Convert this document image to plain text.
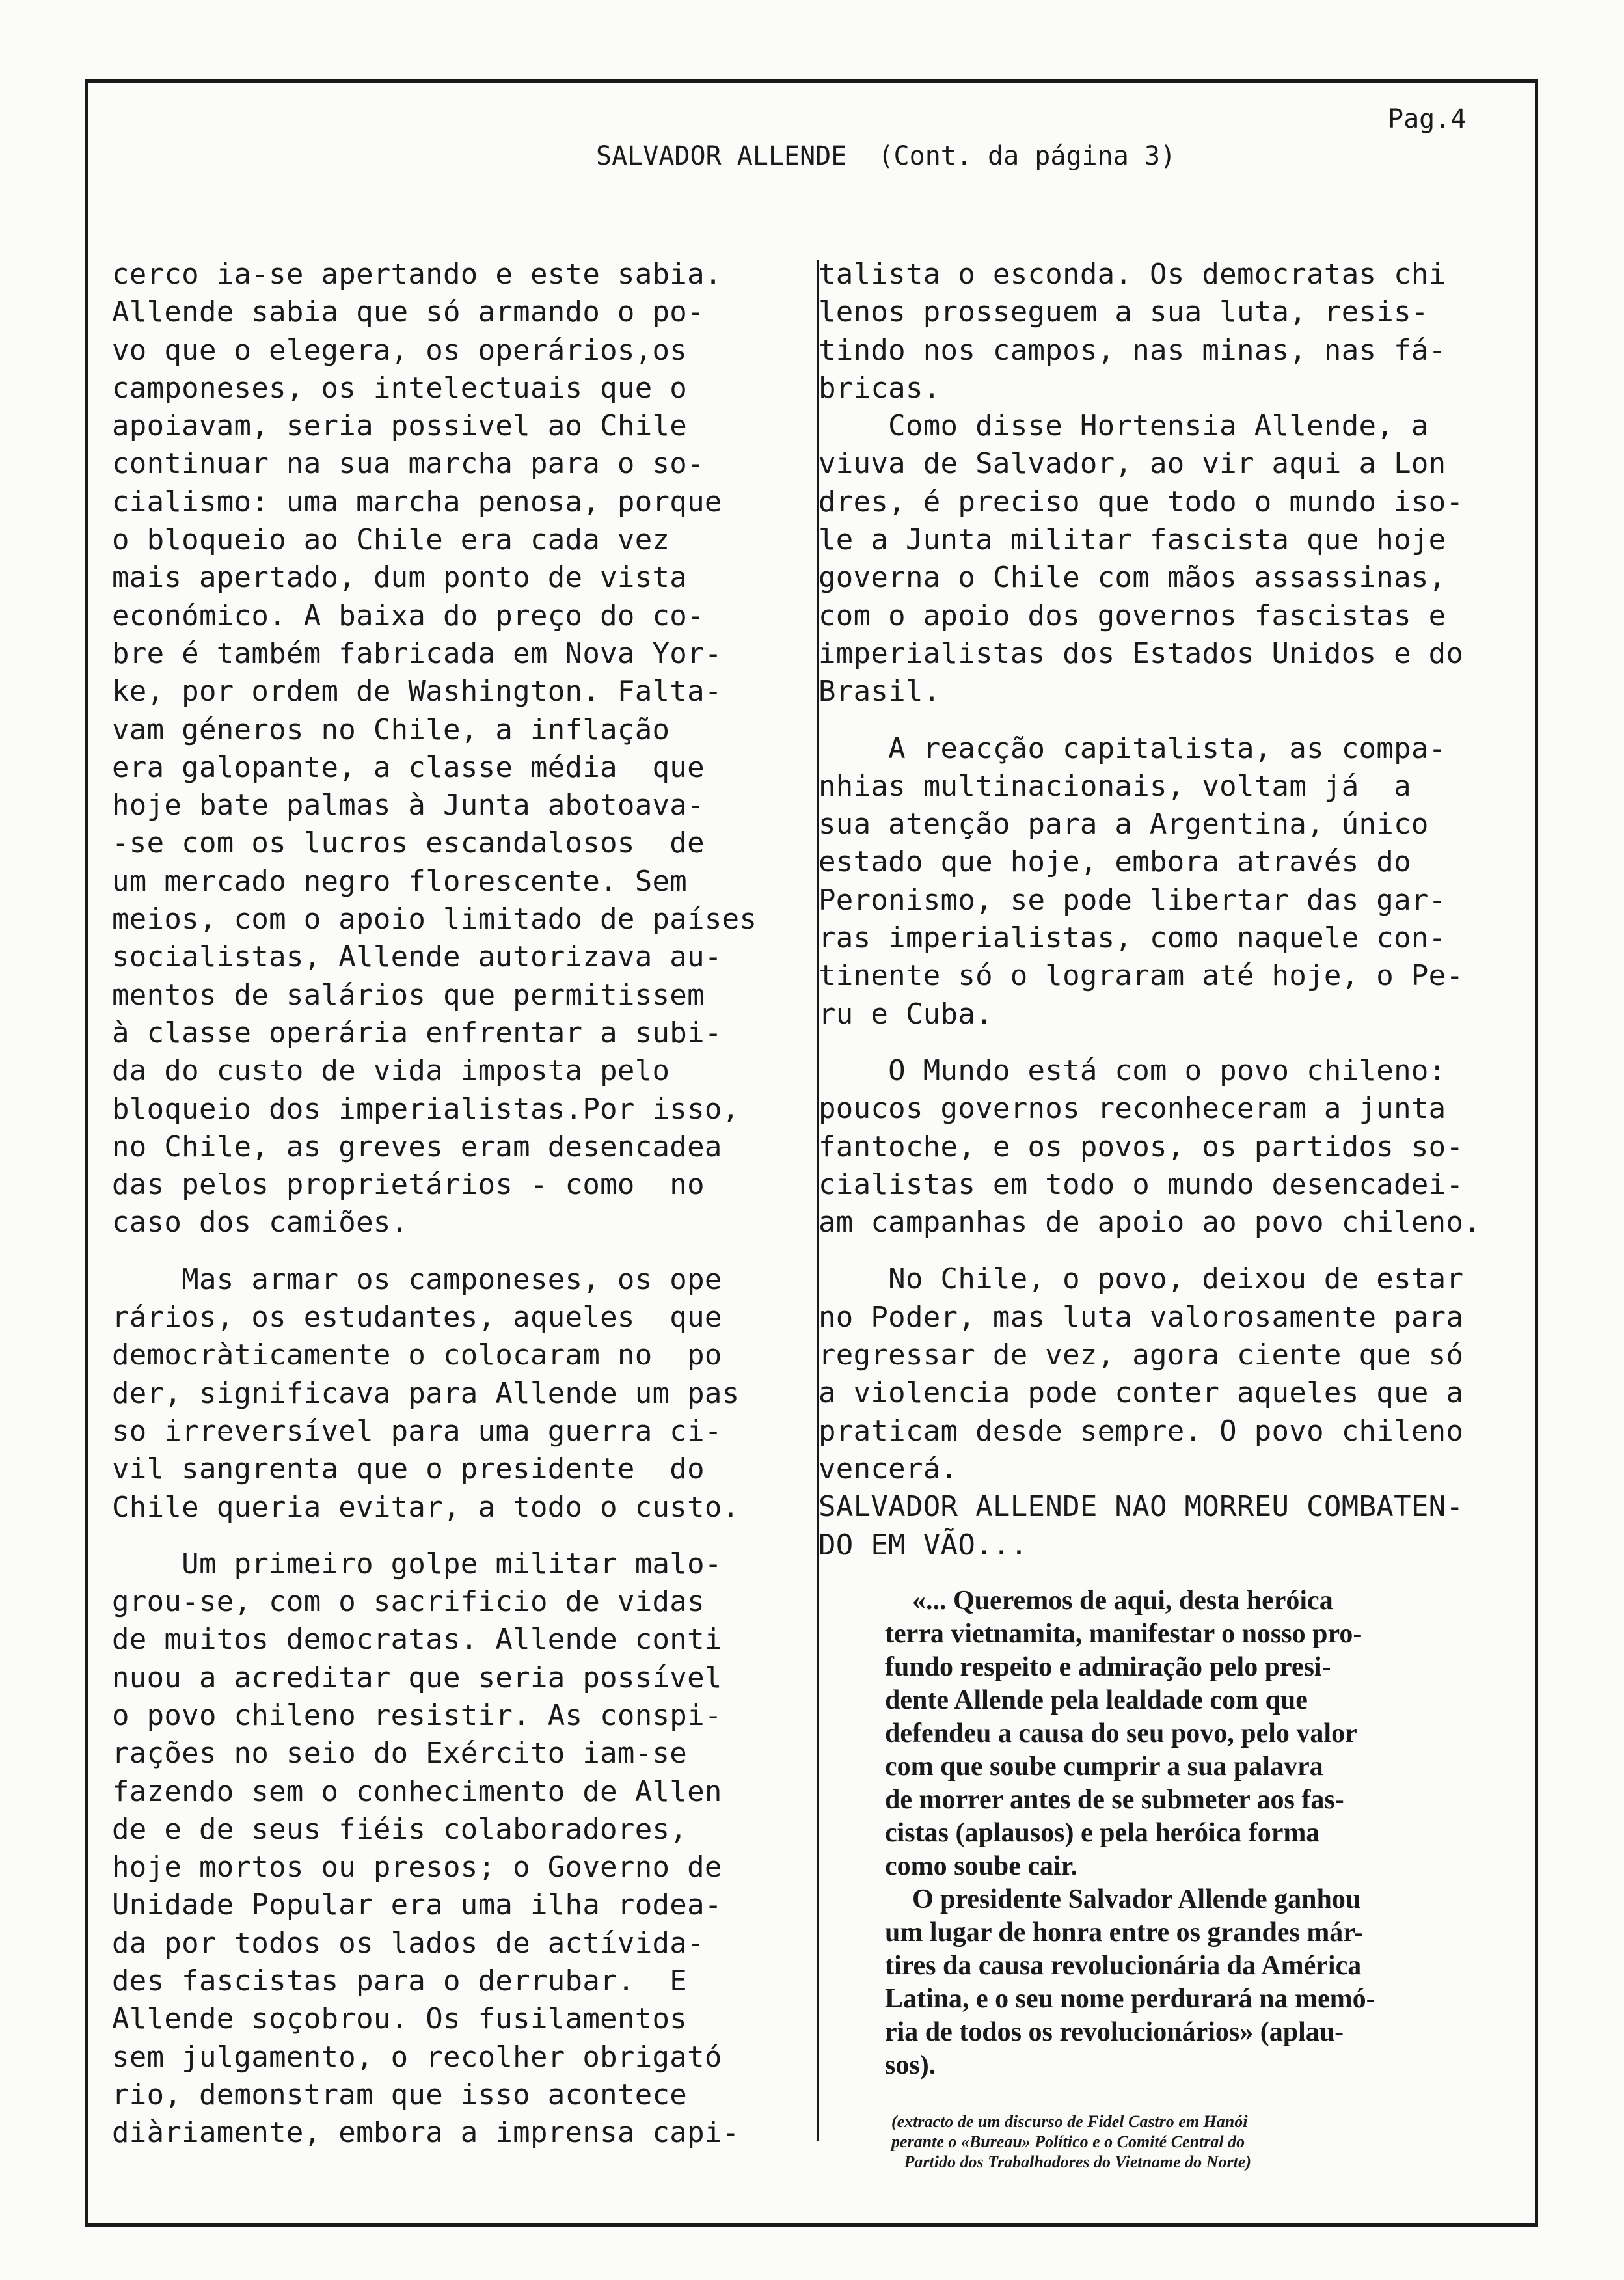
Pag.4
SALVADOR ALLENDE  (Cont. da página 3)
cerco ia-se apertando e este sabia.
Allende sabia que só armando o po-
vo que o elegera, os operários,os
camponeses, os intelectuais que o
apoiavam, seria possivel ao Chile
continuar na sua marcha para o so-
cialismo: uma marcha penosa, porque
o bloqueio ao Chile era cada vez
mais apertado, dum ponto de vista
económico. A baixa do preço do co-
bre é também fabricada em Nova Yor-
ke, por ordem de Washington. Falta-
vam géneros no Chile, a inflação
era galopante, a classe média  que
hoje bate palmas à Junta abotoava-
-se com os lucros escandalosos  de
um mercado negro florescente. Sem
meios, com o apoio limitado de países
socialistas, Allende autorizava au-
mentos de salários que permitissem
à classe operária enfrentar a subi-
da do custo de vida imposta pelo
bloqueio dos imperialistas.Por isso,
no Chile, as greves eram desencadea
das pelos proprietários - como  no
caso dos camiões.
Mas armar os camponeses, os ope
rários, os estudantes, aqueles  que
democràticamente o colocaram no  po
der, significava para Allende um pas
so irreversível para uma guerra ci-
vil sangrenta que o presidente  do
Chile queria evitar, a todo o custo.
Um primeiro golpe militar malo-
grou-se, com o sacrificio de vidas
de muitos democratas. Allende conti
nuou a acreditar que seria possível
o povo chileno resistir. As conspi-
rações no seio do Exército iam-se
fazendo sem o conhecimento de Allen
de e de seus fiéis colaboradores,
hoje mortos ou presos; o Governo de
Unidade Popular era uma ilha rodea-
da por todos os lados de actívida-
des fascistas para o derrubar.  E
Allende soçobrou. Os fusilamentos
sem julgamento, o recolher obrigató
rio, demonstram que isso acontece
diàriamente, embora a imprensa capi-
talista o esconda. Os democratas chi
lenos prosseguem a sua luta, resis-
tindo nos campos, nas minas, nas fá-
bricas.
Como disse Hortensia Allende, a
viuva de Salvador, ao vir aqui a Lon
dres, é preciso que todo o mundo iso-
le a Junta militar fascista que hoje
governa o Chile com mãos assassinas,
com o apoio dos governos fascistas e
imperialistas dos Estados Unidos e do
Brasil.
A reacção capitalista, as compa-
nhias multinacionais, voltam já  a
sua atenção para a Argentina, único
estado que hoje, embora através do
Peronismo, se pode libertar das gar-
ras imperialistas, como naquele con-
tinente só o lograram até hoje, o Pe-
ru e Cuba.
O Mundo está com o povo chileno:
poucos governos reconheceram a junta
fantoche, e os povos, os partidos so-
cialistas em todo o mundo desencadei-
am campanhas de apoio ao povo chileno.
No Chile, o povo, deixou de estar
no Poder, mas luta valorosamente para
regressar de vez, agora ciente que só
a violencia pode conter aqueles que a
praticam desde sempre. O povo chileno
vencerá.
SALVADOR ALLENDE NAO MORREU COMBATEN-
DO EM VÃO...
«... Queremos de aqui, desta heróica
terra vietnamita, manifestar o nosso pro-
fundo respeito e admiração pelo presi-
dente Allende pela lealdade com que
defendeu a causa do seu povo, pelo valor
com que soube cumprir a sua palavra
de morrer antes de se submeter aos fas-
cistas (aplausos) e pela heróica forma
como soube cair.
O presidente Salvador Allende ganhou
um lugar de honra entre os grandes már-
tires da causa revolucionária da América
Latina, e o seu nome perdurará na memó-
ria de todos os revolucionários» (aplau-
sos).
(extracto de um discurso de Fidel Castro em Hanói
perante o «Bureau» Político e o Comité Central do
Partido dos Trabalhadores do Vietname do Norte)
